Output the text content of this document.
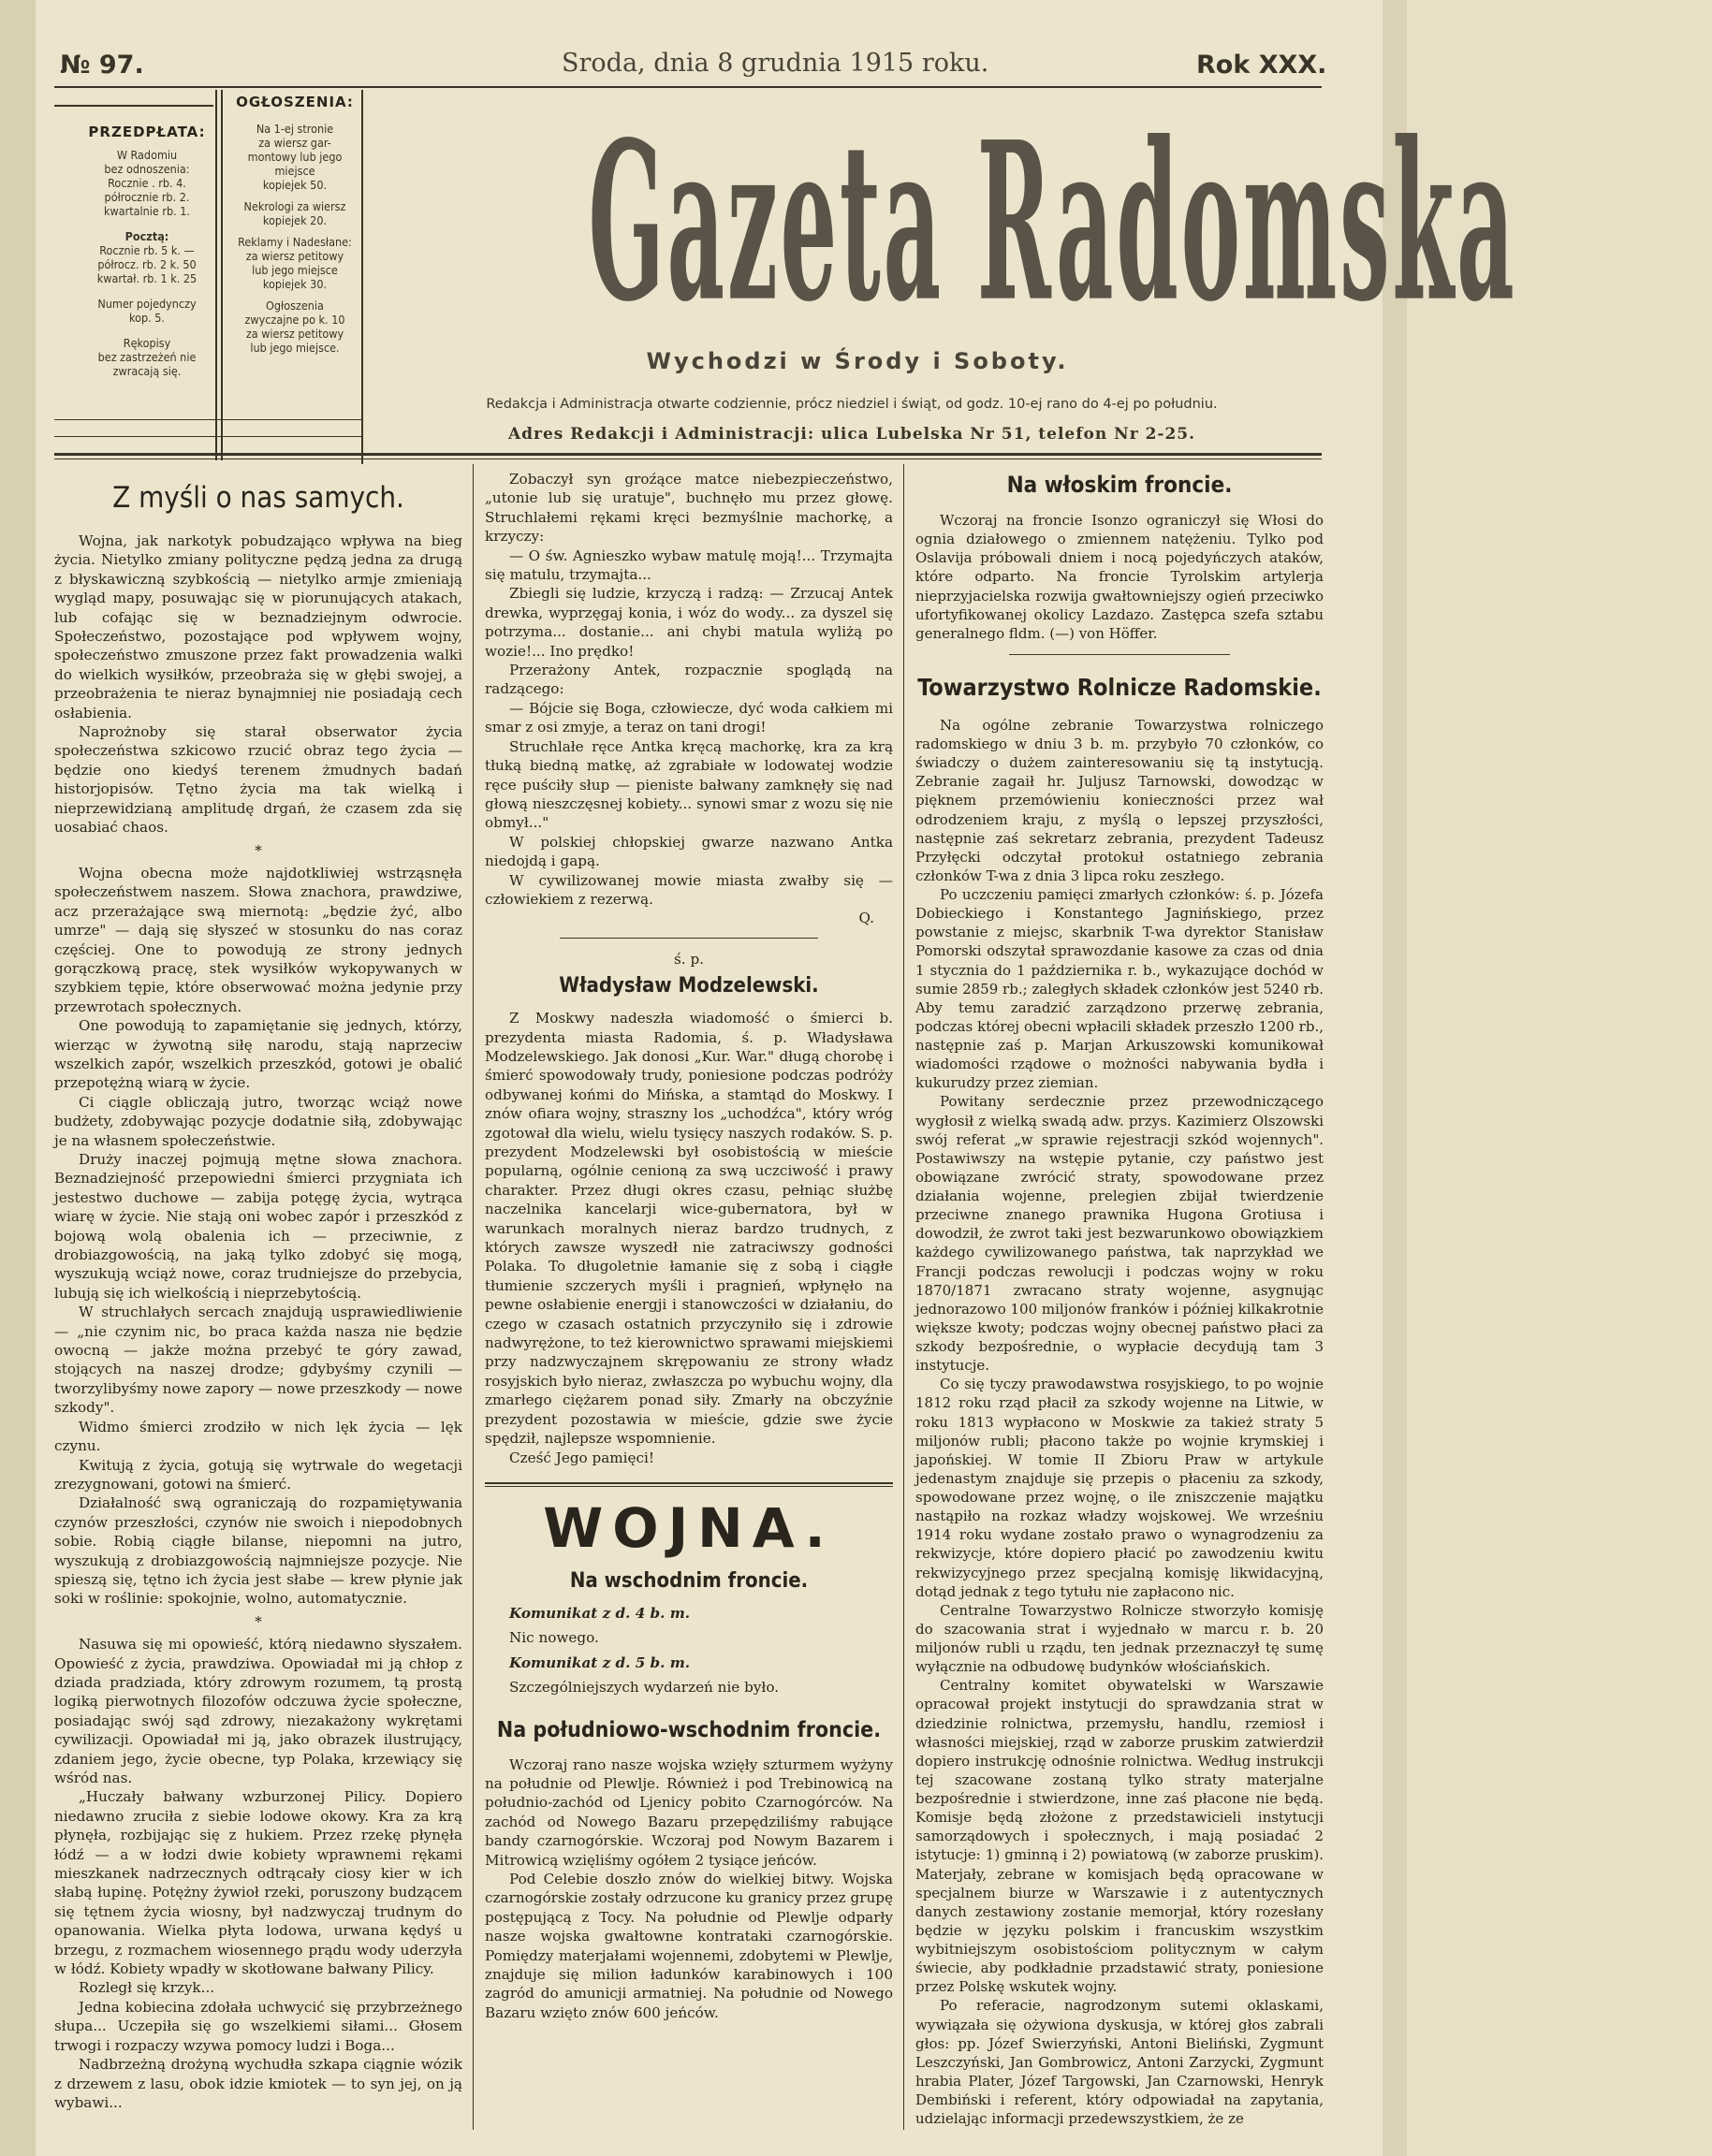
№ 97.	Sroda, dnia 8 grudnia 1915 roku.	Rok XXX.
PRZEDPŁATA:
W Radomiu
bez odnoszenia:
Rocznie . rb. 4.
półrocznie rb. 2.
kwartalnie rb. 1.
Pocztą:
Rocznie rb. 5 k. —
półrocz. rb. 2 k. 50
kwartał. rb. 1 k. 25
Numer pojedynczy
kop. 5.
Rękopisy
bez zastrzeżeń nie
zwracają się.
OGŁOSZENIA:
Na 1-ej stronie
za wiersz gar-
montowy lub jego
miejsce
kopiejek 50.
Nekrologi za wiersz
kopiejek 20.
Reklamy i Nadesłane:
za wiersz petitowy
lub jego miejsce
kopiejek 30.
Ogłoszenia
zwyczajne po k. 10
za wiersz petitowy
lub jego miejsce.	Gazeta Radomska
Wychodzi w Środy i Soboty.
Redakcja i Administracja otwarte codziennie, prócz niedziel i świąt, od godz. 10-ej rano do 4-ej po południu.
Adres Redakcji i Administracji: ulica Lubelska Nr 51, telefon Nr 2-25.
Z myśli o nas samych.

Wojna, jak narkotyk pobudzająco wpływa na bieg życia. Nietylko zmiany polityczne pędzą jedna za drugą z błyskawiczną szybkością — nietylko armje zmieniają wygląd mapy, posuwając się w piorunujących atakach, lub cofając się w beznadziejnym odwrocie. Społeczeństwo, pozostające pod wpływem wojny, społeczeństwo zmuszone przez fakt prowadzenia walki do wielkich wysiłków, przeobraża się w głębi swojej, a przeobrażenia te nieraz bynajmniej nie posiadają cech osłabienia.

Naprożnoby się starał obserwator życia społeczeństwa szkicowo rzucić obraz tego życia — będzie ono kiedyś terenem żmudnych badań historjopisów. Tętno życia ma tak wielką i nieprzewidzianą amplitudę drgań, że czasem zda się uosabiać chaos.

*

Wojna obecna może najdotkliwiej wstrząsnęła społeczeństwem naszem. Słowa znachora, prawdziwe, acz przerażające swą miernotą: „będzie żyć, albo umrze" — dają się słyszeć w stosunku do nas coraz częściej. One to powodują ze strony jednych gorączkową pracę, stek wysiłków wykopywanych w szybkiem tępie, które obserwować można jedynie przy przewrotach społecznych.

One powodują to zapamiętanie się jednych, którzy, wierząc w żywotną siłę narodu, stają naprzeciw wszelkich zapór, wszelkich przeszkód, gotowi je obalić przepotężną wiarą w życie.

Ci ciągle obliczają jutro, tworząc wciąż nowe budżety, zdobywając pozycje dodatnie siłą, zdobywając je na własnem społeczeństwie.

Druży inaczej pojmują mętne słowa znachora. Beznadziejność przepowiedni śmierci przygniata ich jestestwo duchowe — zabija potęgę życia, wytrąca wiarę w życie. Nie stają oni wobec zapór i przeszkód z bojową wolą obalenia ich — przeciwnie, z drobiazgowością, na jaką tylko zdobyć się mogą, wyszukują wciąż nowe, coraz trudniejsze do przebycia, lubują się ich wielkością i nieprzebytością.

W struchlałych sercach znajdują usprawiedliwienie — „nie czynim nic, bo praca każda nasza nie będzie owocną — jakże można przebyć te góry zawad, stojących na naszej drodze; gdybyśmy czynili — tworzylibyśmy nowe zapory — nowe przeszkody — nowe szkody".

Widmo śmierci zrodziło w nich lęk życia — lęk czynu.

Kwitują z życia, gotują się wytrwale do wegetacji zrezygnowani, gotowi na śmierć.

Działalność swą ograniczają do rozpamiętywania czynów przeszłości, czynów nie swoich i niepodobnych sobie. Robią ciągłe bilanse, niepomni na jutro, wyszukują z drobiazgowością najmniejsze pozycje. Nie spieszą się, tętno ich życia jest słabe — krew płynie jak soki w roślinie: spokojnie, wolno, automatycznie.

*

Nasuwa się mi opowieść, którą niedawno słyszałem. Opowieść z życia, prawdziwa. Opowiadał mi ją chłop z dziada pradziada, który zdrowym rozumem, tą prostą logiką pierwotnych filozofów odczuwa życie społeczne, posiadając swój sąd zdrowy, niezakażony wykrętami cywilizacji. Opowiadał mi ją, jako obrazek ilustrujący, zdaniem jego, życie obecne, typ Polaka, krzewiący się wśród nas.

„Huczały bałwany wzburzonej Pilicy. Dopiero niedawno zruciła z siebie lodowe okowy. Kra za krą płynęła, rozbijając się z hukiem. Przez rzekę płynęła łódź — a w łodzi dwie kobiety wprawnemi rękami mieszkanek nadrzecznych odtrącały ciosy kier w ich słabą łupinę. Potężny żywioł rzeki, poruszony budzącem się tętnem życia wiosny, był nadzwyczaj trudnym do opanowania. Wielka płyta lodowa, urwana kędyś u brzegu, z rozmachem wiosennego prądu wody uderzyła w łódź. Kobiety wpadły w skotłowane bałwany Pilicy.

Rozległ się krzyk...

Jedna kobiecina zdołała uchwycić się przybrzeżnego słupa... Uczepiła się go wszelkiemi siłami... Głosem trwogi i rozpaczy wzywa pomocy ludzi i Boga...

Nadbrzeżną drożyną wychudła szkapa ciągnie wózik z drzewem z lasu, obok idzie kmiotek — to syn jej, on ją wybawi...

Zobaczył syn groźące matce niebezpieczeństwo, „utonie lub się uratuje", buchnęło mu przez głowę. Struchlałemi rękami kręci bezmyślnie machorkę, a krzyczy:

— O św. Agnieszko wybaw matulę moją!... Trzymajta się matulu, trzymajta...

Zbiegli się ludzie, krzyczą i radzą: — Zrzucaj Antek drewka, wyprzęgaj konia, i wóz do wody... za dyszel się potrzyma... dostanie... ani chybi matula wyliżą po wozie!... Ino prędko!

Przerażony Antek, rozpacznie spoglądą na radzącego:

— Bójcie się Boga, człowiecze, dyć woda całkiem mi smar z osi zmyje, a teraz on tani drogi!

Struchlałe ręce Antka kręcą machorkę, kra za krą tłuką biedną matkę, aż zgrabiałe w lodowatej wodzie ręce puściły słup — pieniste bałwany zamknęły się nad głową nieszczęsnej kobiety... synowi smar z wozu się nie obmył..."

W polskiej chłopskiej gwarze nazwano Antka niedojdą i gapą.

W cywilizowanej mowie miasta zwałby się — człowiekiem z rezerwą.

Q.
ś. p.
Władysław Modzelewski.

Z Moskwy nadeszła wiadomość o śmierci b. prezydenta miasta Radomia, ś. p. Władysława Modzelewskiego. Jak donosi „Kur. War." długą chorobę i śmierć spowodowały trudy, poniesione podczas podróży odbywanej końmi do Mińska, a stamtąd do Moskwy. I znów ofiara wojny, straszny los „uchodźca", który wróg zgotował dla wielu, wielu tysięcy naszych rodaków. S. p. prezydent Modzelewski był osobistością w mieście popularną, ogólnie cenioną za swą uczciwość i prawy charakter. Przez długi okres czasu, pełniąc służbę naczelnika kancelarji wice-gubernatora, był w warunkach moralnych nieraz bardzo trudnych, z których zawsze wyszedł nie zatraciwszy godności Polaka. To długoletnie łamanie się z sobą i ciągłe tłumienie szczerych myśli i pragnień, wpłynęło na pewne osłabienie energji i stanowczości w działaniu, do czego w czasach ostatnich przyczyniło się i zdrowie nadwyrężone, to też kierownictwo sprawami miejskiemi przy nadzwyczajnem skrępowaniu ze strony władz rosyjskich było nieraz, zwłaszcza po wybuchu wojny, dla zmarłego ciężarem ponad siły. Zmarły na obczyźnie prezydent pozostawia w mieście, gdzie swe życie spędził, najlepsze wspomnienie.

Cześć Jego pamięci!

WOJNA.
Na wschodnim froncie.
Komunikat z d. 4 b. m.
Nic nowego.
Komunikat z d. 5 b. m.
Szczególniejszych wydarzeń nie było.
Na południowo-wschodnim froncie.

Wczoraj rano nasze wojska wzięły szturmem wyżyny na południe od Plewlje. Również i pod Trebinowicą na południo-zachód od Ljenicy pobito Czarnogórców. Na zachód od Nowego Bazaru przepędziliśmy rabujące bandy czarnogórskie. Wczoraj pod Nowym Bazarem i Mitrowicą wzięliśmy ogółem 2 tysiące jeńców.

Pod Celebie doszło znów do wielkiej bitwy. Wojska czarnogórskie zostały odrzucone ku granicy przez grupę postępującą z Tocy. Na południe od Plewlje odparły nasze wojska gwałtowne kontrataki czarnogórskie. Pomiędzy materjałami wojennemi, zdobytemi w Plewlje, znajduje się milion ładunków karabinowych i 100 zagród do amunicji armatniej. Na południe od Nowego Bazaru wzięto znów 600 jeńców.

Na włoskim froncie.

Wczoraj na froncie Isonzo ograniczył się Włosi do ognia działowego o zmiennem natężeniu. Tylko pod Oslavija próbowali dniem i nocą pojedyńczych ataków, które odparto. Na froncie Tyrolskim artylerja nieprzyjacielska rozwija gwałtowniejszy ogień przeciwko ufortyfikowanej okolicy Lazdazo. Zastępca szefa sztabu generalnego fldm. (—) von Höffer.

Towarzystwo Rolnicze Radomskie.

Na ogólne zebranie Towarzystwa rolniczego radomskiego w dniu 3 b. m. przybyło 70 członków, co świadczy o dużem zainteresowaniu się tą instytucją. Zebranie zagaił hr. Juljusz Tarnowski, dowodząc w pięknem przemówieniu konieczności przez wał odrodzeniem kraju, z myślą o lepszej przyszłości, następnie zaś sekretarz zebrania, prezydent Tadeusz Przyłęcki odczytał protokuł ostatniego zebrania członków T-wa z dnia 3 lipca roku zeszłego.

Po uczczeniu pamięci zmarłych członków: ś. p. Józefa Dobieckiego i Konstantego Jagnińskiego, przez powstanie z miejsc, skarbnik T-wa dyrektor Stanisław Pomorski odszytał sprawozdanie kasowe za czas od dnia 1 stycznia do 1 października r. b., wykazujące dochód w sumie 2859 rb.; zaległych składek członków jest 5240 rb. Aby temu zaradzić zarządzono przerwę zebrania, podczas której obecni wpłacili składek przeszło 1200 rb., następnie zaś p. Marjan Arkuszowski komunikował wiadomości rządowe o możności nabywania bydła i kukurudzy przez ziemian.

Powitany serdecznie przez przewodniczącego wygłosił z wielką swadą adw. przys. Kazimierz Olszowski swój referat „w sprawie rejestracji szkód wojennych". Postawiwszy na wstępie pytanie, czy państwo jest obowiązane zwrócić straty, spowodowane przez działania wojenne, prelegien zbijał twierdzenie przeciwne znanego prawnika Hugona Grotiusa i dowodził, że zwrot taki jest bezwarunkowo obowiązkiem każdego cywilizowanego państwa, tak naprzykład we Francji podczas rewolucji i podczas wojny w roku 1870/1871 zwracano straty wojenne, asygnując jednorazowo 100 miljonów franków i później kilkakrotnie większe kwoty; podczas wojny obecnej państwo płaci za szkody bezpośrednie, o wypłacie decydują tam 3 instytucje.

Co się tyczy prawodawstwa rosyjskiego, to po wojnie 1812 roku rząd płacił za szkody wojenne na Litwie, w roku 1813 wypłacono w Moskwie za takież straty 5 miljonów rubli; płacono także po wojnie krymskiej i japońskiej. W tomie II Zbioru Praw w artykule jedenastym znajduje się przepis o płaceniu za szkody, spowodowane przez wojnę, o ile zniszczenie majątku nastąpiło na rozkaz władzy wojskowej. We wrześniu 1914 roku wydane zostało prawo o wynagrodzeniu za rekwizycje, które dopiero płacić po zawodzeniu kwitu rekwizycyjnego przez specjalną komisję likwidacyjną, dotąd jednak z tego tytułu nie zapłacono nic.

Centralne Towarzystwo Rolnicze stworzyło komisję do szacowania strat i wyjednało w marcu r. b. 20 miljonów rubli u rządu, ten jednak przeznaczył tę sumę wyłącznie na odbudowę budynków włościańskich.

Centralny komitet obywatelski w Warszawie opracował projekt instytucji do sprawdzania strat w dziedzinie rolnictwa, przemysłu, handlu, rzemiosł i własności miejskiej, rząd w zaborze pruskim zatwierdził dopiero instrukcję odnośnie rolnictwa. Według instrukcji tej szacowane zostaną tylko straty materjalne bezpośrednie i stwierdzone, inne zaś płacone nie będą. Komisje będą złożone z przedstawicieli instytucji samorządowych i społecznych, i mają posiadać 2 istytucje: 1) gminną i 2) powiatową (w zaborze pruskim). Materjały, zebrane w komisjach będą opracowane w specjalnem biurze w Warszawie i z autentycznych danych zestawiony zostanie memorjał, który rozesłany będzie w języku polskim i francuskim wszystkim wybitniejszym osobistościom politycznym w całym świecie, aby podkładnie przadstawić straty, poniesione przez Polskę wskutek wojny.

Po referacie, nagrodzonym sutemi oklaskami, wywiązała się ożywiona dyskusja, w której głos zabrali głos: pp. Józef Swierzyński, Antoni Bieliński, Zygmunt Leszczyński, Jan Gombrowicz, Antoni Zarzycki, Zygmunt hrabia Plater, Józef Targowski, Jan Czarnowski, Henryk Dembiński i referent, który odpowiadał na zapytania, udzielając informacji przedewszystkiem, że ze
